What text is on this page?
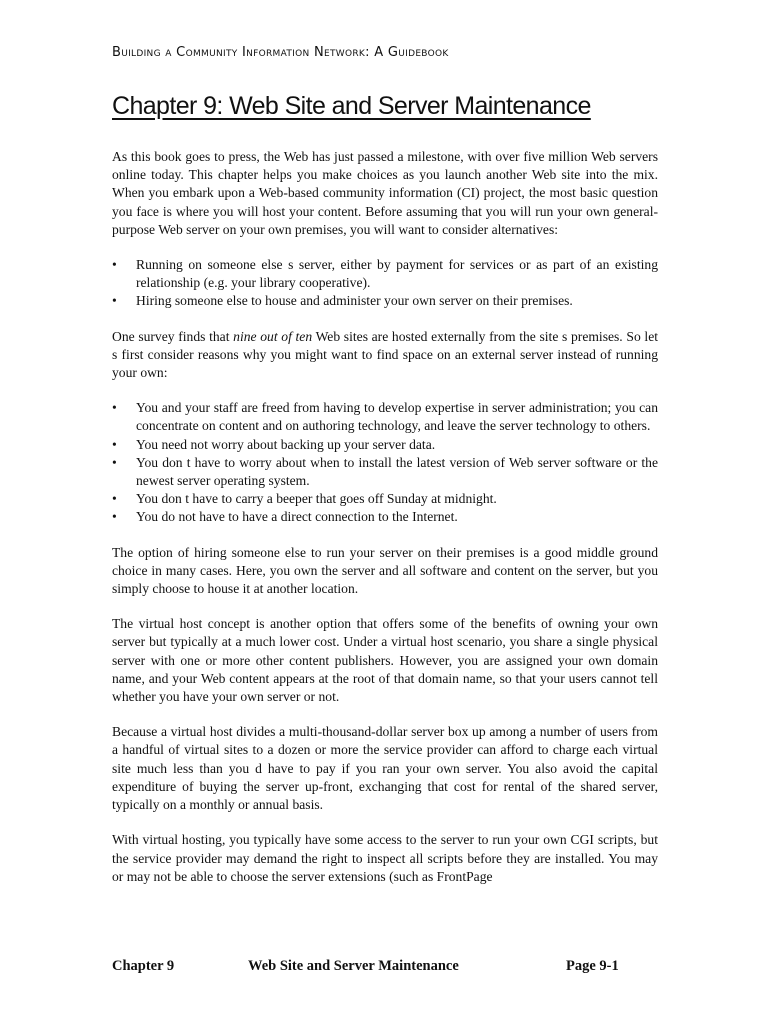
Building a Community Information Network: A Guidebook
Chapter 9: Web Site and Server Maintenance

As this book goes to press, the Web has just passed a milestone, with over five million Web servers online today. This chapter helps you make choices as you launch another Web site into the mix. When you embark upon a Web-based community information (CI) project, the most basic question you face is where you will host your content. Before assuming that you will run your own general-purpose Web server on your own premises, you will want to consider alternatives:

• Running on someone else s server, either by payment for services or as part of an existing relationship (e.g. your library cooperative).
• Hiring someone else to house and administer your own server on their premises.

One survey finds that nine out of ten Web sites are hosted externally from the site s premises. So let s first consider reasons why you might want to find space on an external server instead of running your own:

• You and your staff are freed from having to develop expertise in server administration; you can concentrate on content and on authoring technology, and leave the server technology to others.
• You need not worry about backing up your server data.
• You don t have to worry about when to install the latest version of Web server software or the newest server operating system.
• You don t have to carry a beeper that goes off Sunday at midnight.
• You do not have to have a direct connection to the Internet.

The option of hiring someone else to run your server on their premises is a good middle ground choice in many cases. Here, you own the server and all software and content on the server, but you simply choose to house it at another location.

The virtual host concept is another option that offers some of the benefits of owning your own server but typically at a much lower cost. Under a virtual host scenario, you share a single physical server with one or more other content publishers. However, you are assigned your own domain name, and your Web content appears at the root of that domain name, so that your users cannot tell whether you have your own server or not.

Because a virtual host divides a multi-thousand-dollar server box up among a number of users from a handful of virtual sites to a dozen or more the service provider can afford to charge each virtual site much less than you d have to pay if you ran your own server. You also avoid the capital expenditure of buying the server up-front, exchanging that cost for rental of the shared server, typically on a monthly or annual basis.

With virtual hosting, you typically have some access to the server to run your own CGI scripts, but the service provider may demand the right to inspect all scripts before they are installed. You may or may not be able to choose the server extensions (such as FrontPage

Chapter 9	Web Site and Server Maintenance	Page 9-1
